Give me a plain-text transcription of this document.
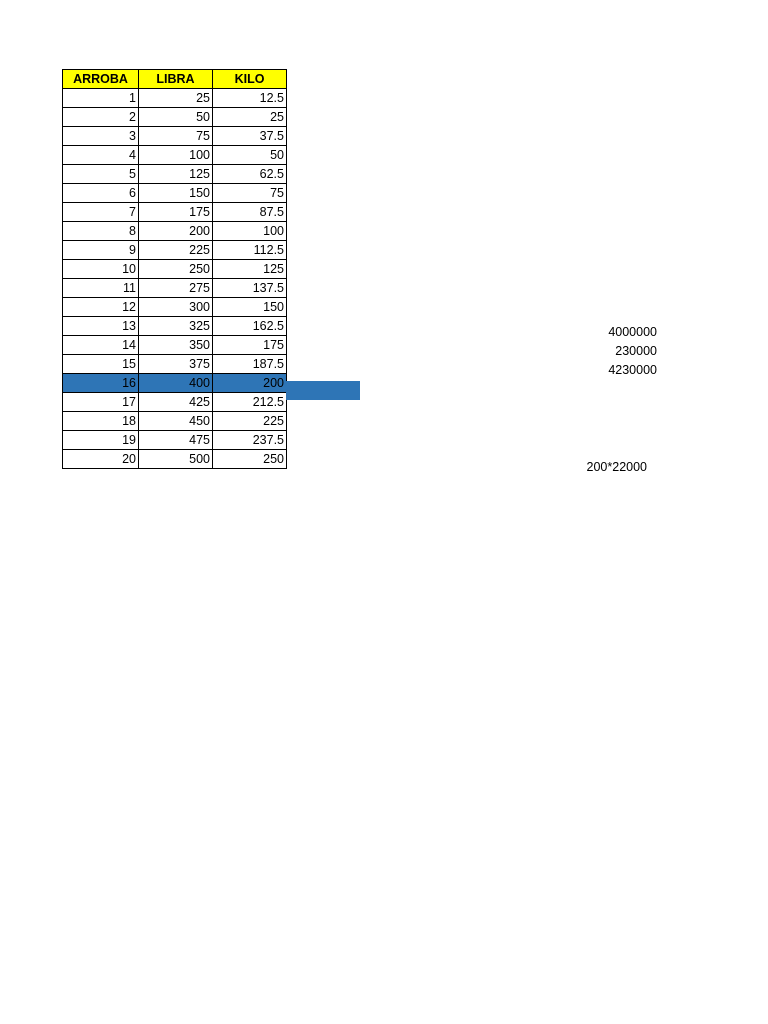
ARROBA	LIBRA	KILO
1	25	12.5
2	50	25
3	75	37.5
4	100	50
5	125	62.5
6	150	75
7	175	87.5
8	200	100
9	225	112.5
10	250	125
11	275	137.5
12	300	150
13	325	162.5
14	350	175
15	375	187.5
16	400	200
17	425	212.5
18	450	225
19	475	237.5
20	500	250
4000000
230000
4230000
200*22000
